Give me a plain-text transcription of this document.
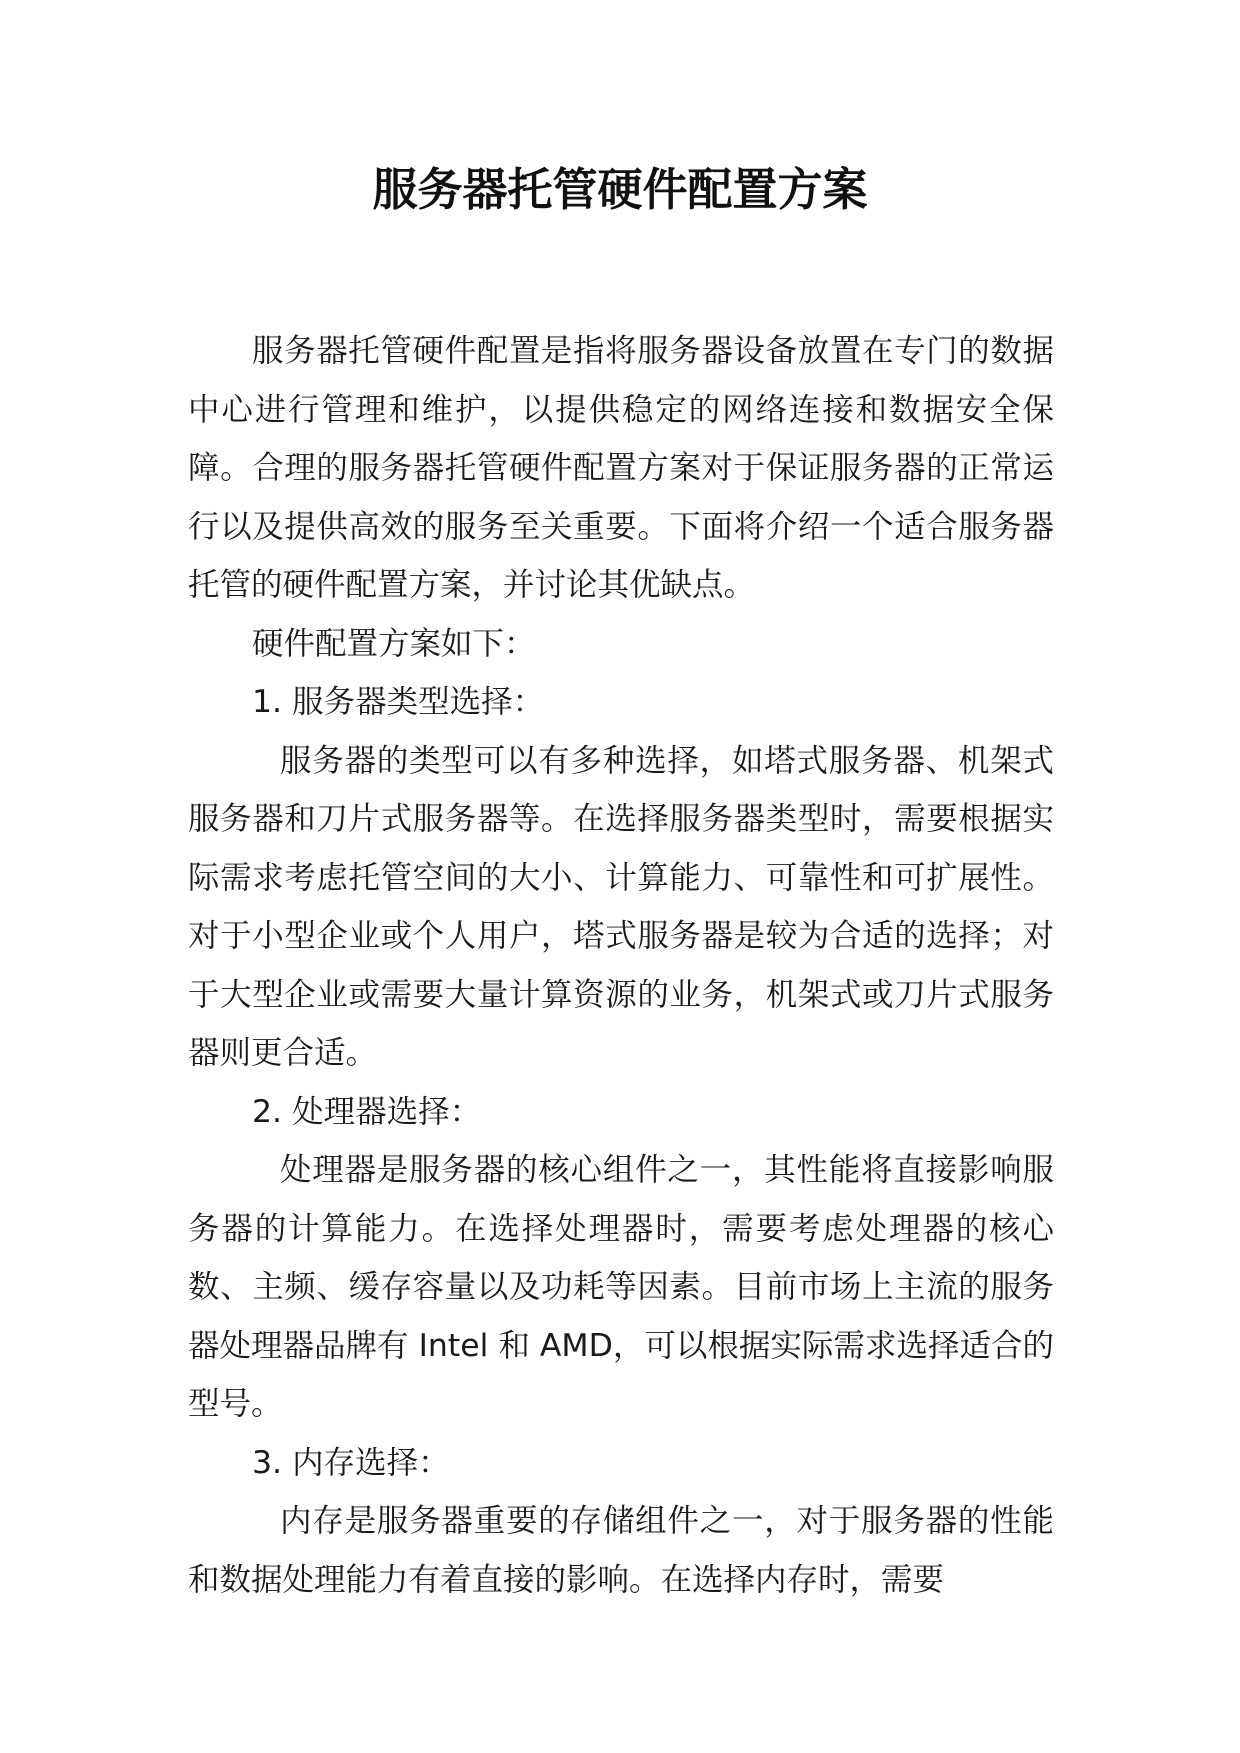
服务器托管硬件配置方案

服务器托管硬件配置是指将服务器设备放置在专门的数据中心进行管理和维护，以提供稳定的网络连接和数据安全保障。合理的服务器托管硬件配置方案对于保证服务器的正常运行以及提供高效的服务至关重要。下面将介绍一个适合服务器托管的硬件配置方案，并讨论其优缺点。

硬件配置方案如下：

1. 服务器类型选择：

服务器的类型可以有多种选择，如塔式服务器、机架式服务器和刀片式服务器等。在选择服务器类型时，需要根据实际需求考虑托管空间的大小、计算能力、可靠性和可扩展性。对于小型企业或个人用户，塔式服务器是较为合适的选择；对于大型企业或需要大量计算资源的业务，机架式或刀片式服务器则更合适。

2. 处理器选择：

处理器是服务器的核心组件之一，其性能将直接影响服务器的计算能力。在选择处理器时，需要考虑处理器的核心数、主频、缓存容量以及功耗等因素。目前市场上主流的服务器处理器品牌有 Intel 和 AMD，可以根据实际需求选择适合的型号。

3. 内存选择：

内存是服务器重要的存储组件之一，对于服务器的性能和数据处理能力有着直接的影响。在选择内存时，需要
